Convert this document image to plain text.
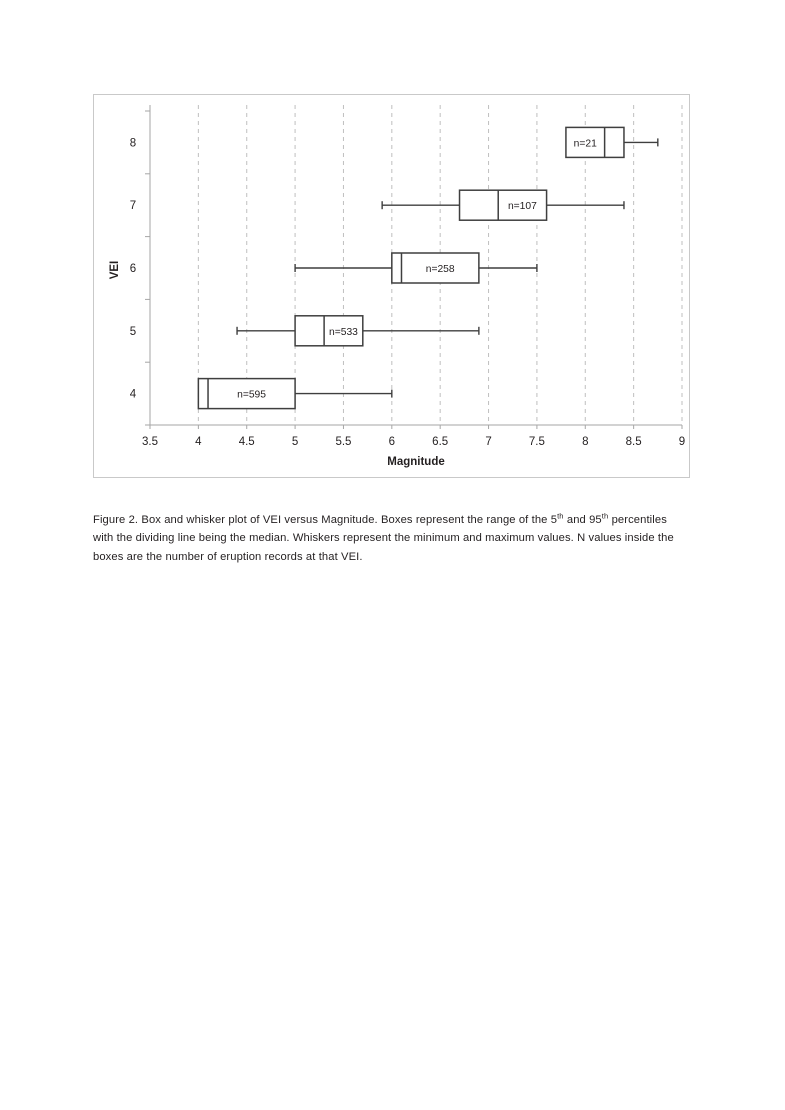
3.5	4	4.5	5	5.5	6	6.5	7	7.5	8	8.5	9
8
7
6
5
4
n=21
n=107
n=258
n=533
n=595
Magnitude
VEI

Figure 2. Box and whisker plot of VEI versus Magnitude. Boxes represent the range of the 5th and 95th percentiles with the dividing line being the median. Whiskers represent the minimum and maximum values. N values inside the boxes are the number of eruption records at that VEI.
